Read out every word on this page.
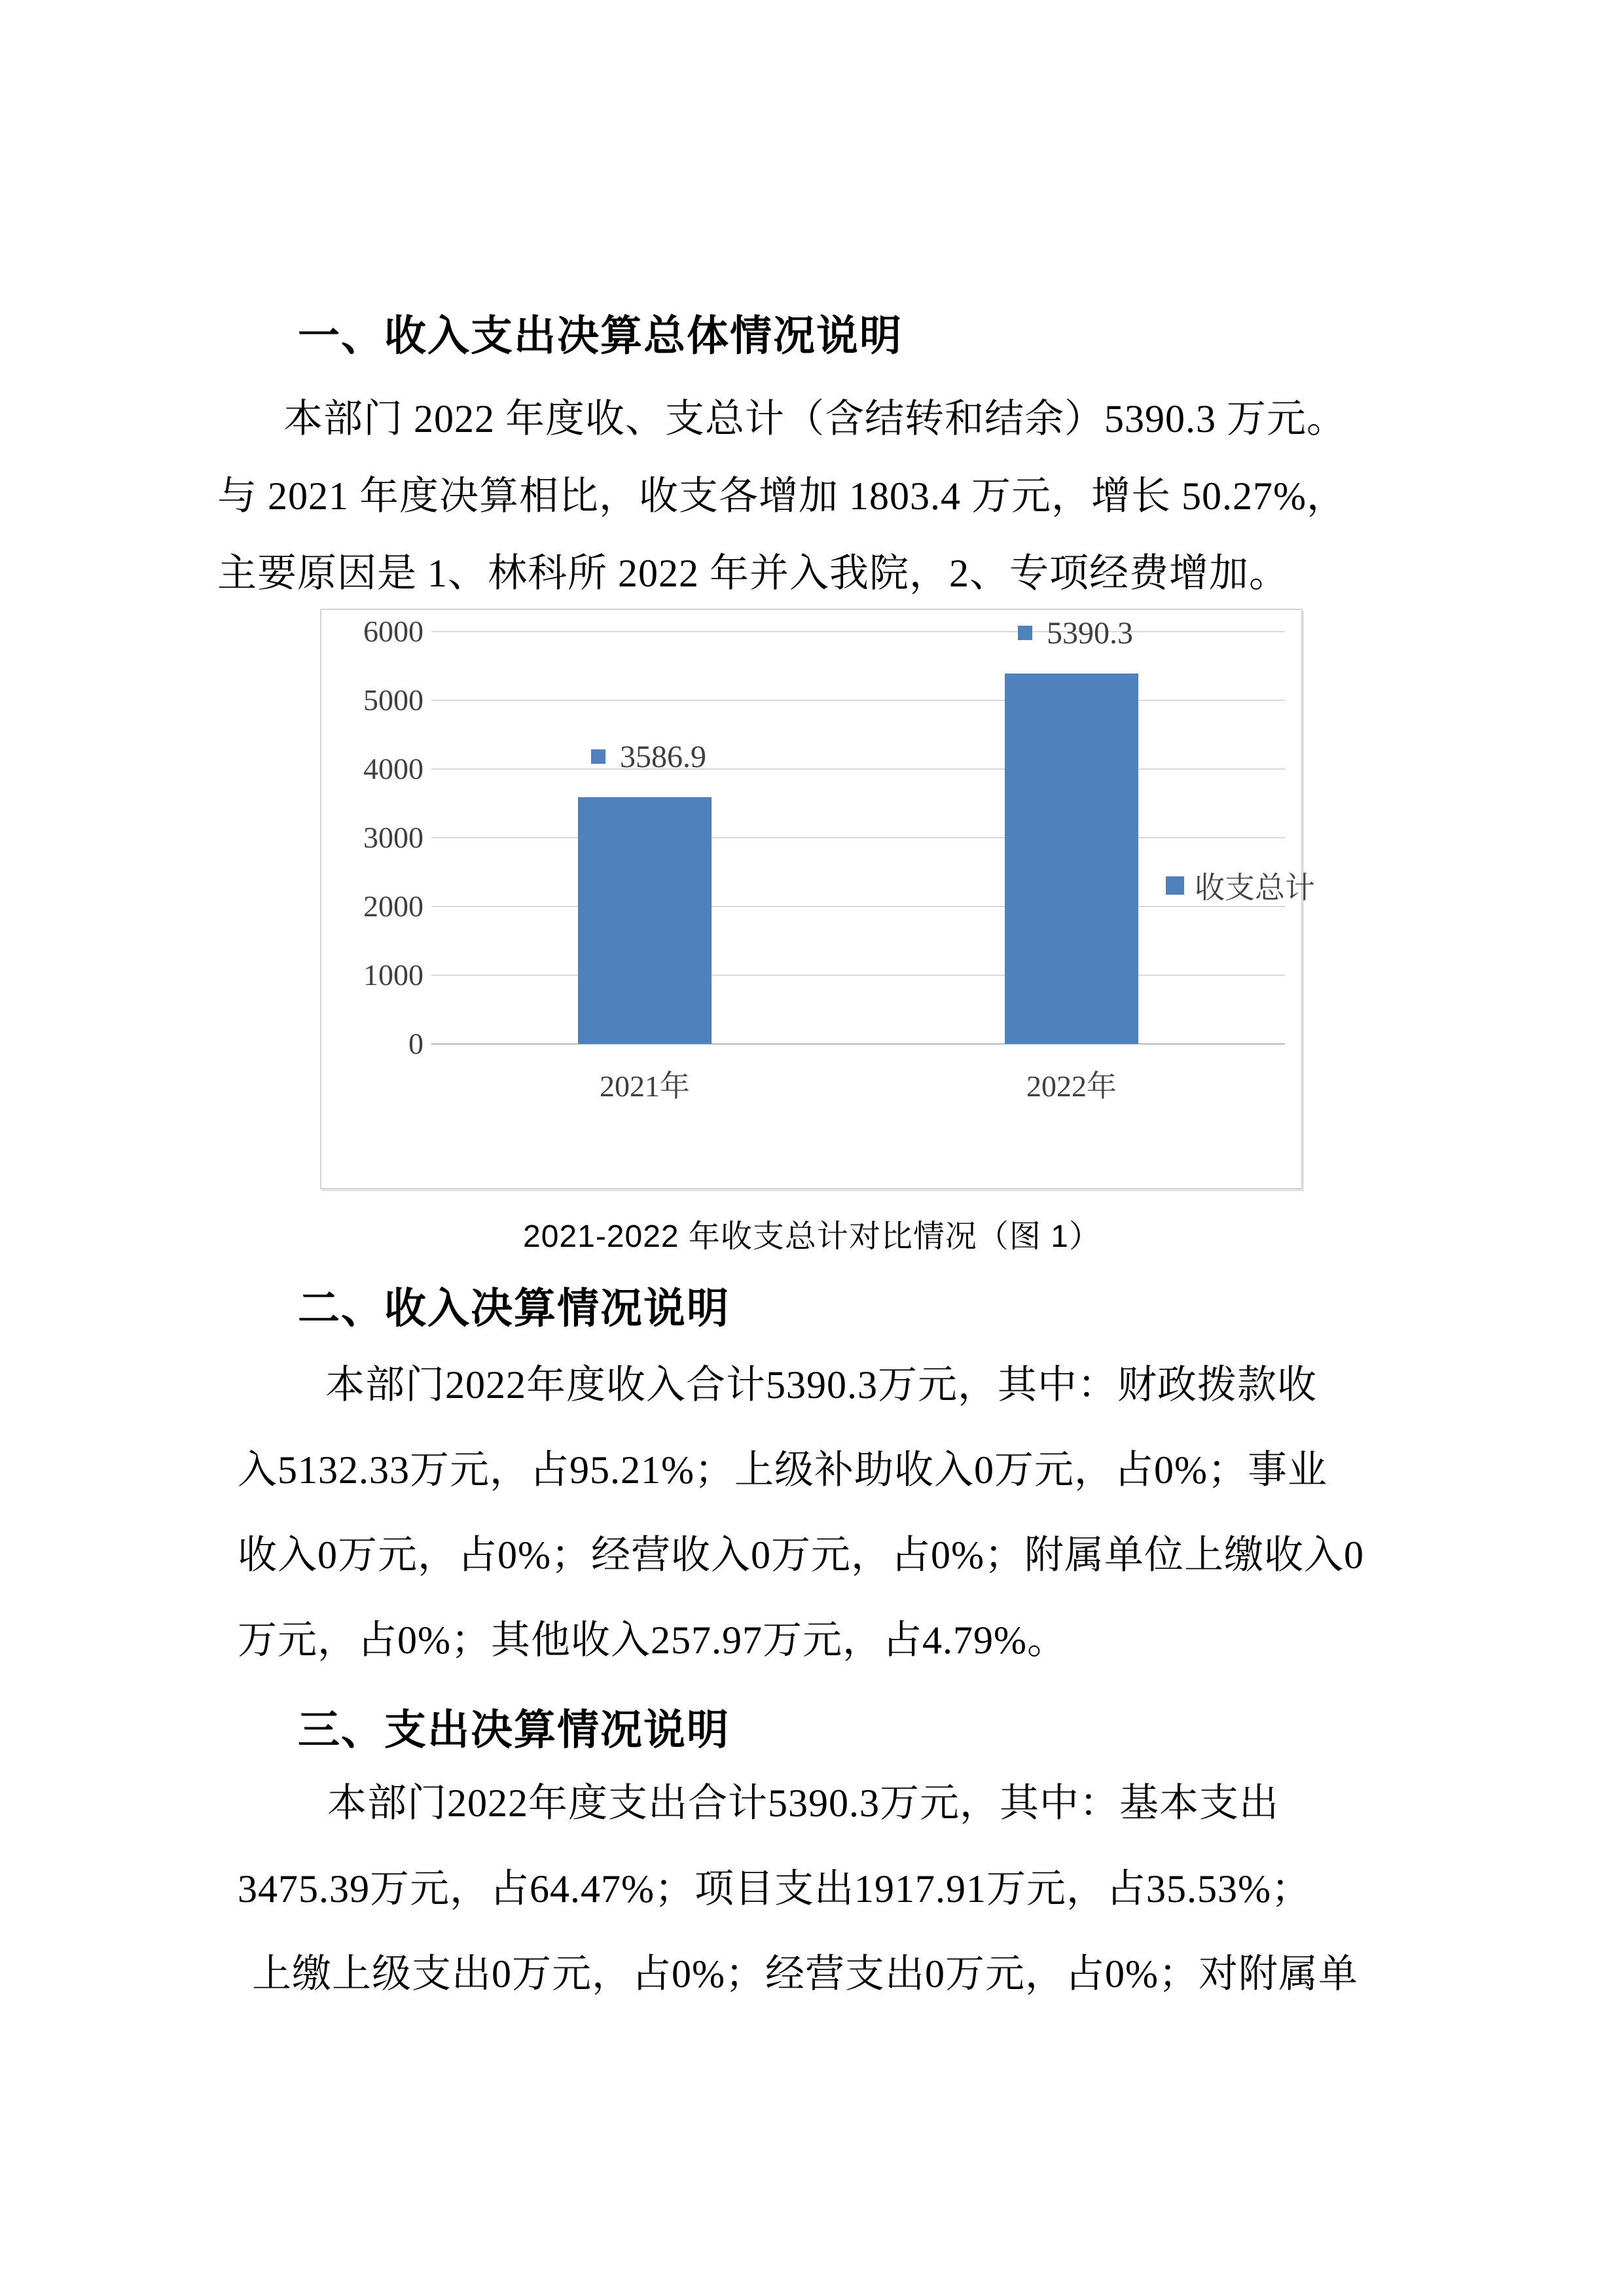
一、收入支出决算总体情况说明
本部门 2022 年度收、支总计（含结转和结余）5390.3 万元。
与 2021 年度决算相比，收支各增加 1803.4 万元，增长 50.27%，
主要原因是 1、林科所 2022 年并入我院，2、专项经费增加。
收支总计
6000
5000
4000
3000
2000
1000
0
3586.9
2021年
5390.3
2022年
2021-2022 年收支总计对比情况（图 1）
二、收入决算情况说明
本部门2022年度收入合计5390.3万元，其中：财政拨款收
入5132.33万元，占95.21%；上级补助收入0万元，占0%；事业
收入0万元，占0%；经营收入0万元，占0%；附属单位上缴收入0
万元，占0%；其他收入257.97万元，占4.79%。
三、支出决算情况说明
本部门2022年度支出合计5390.3万元，其中：基本支出
3475.39万元，占64.47%；项目支出1917.91万元，占35.53%；
上缴上级支出0万元，占0%；经营支出0万元，占0%；对附属单
